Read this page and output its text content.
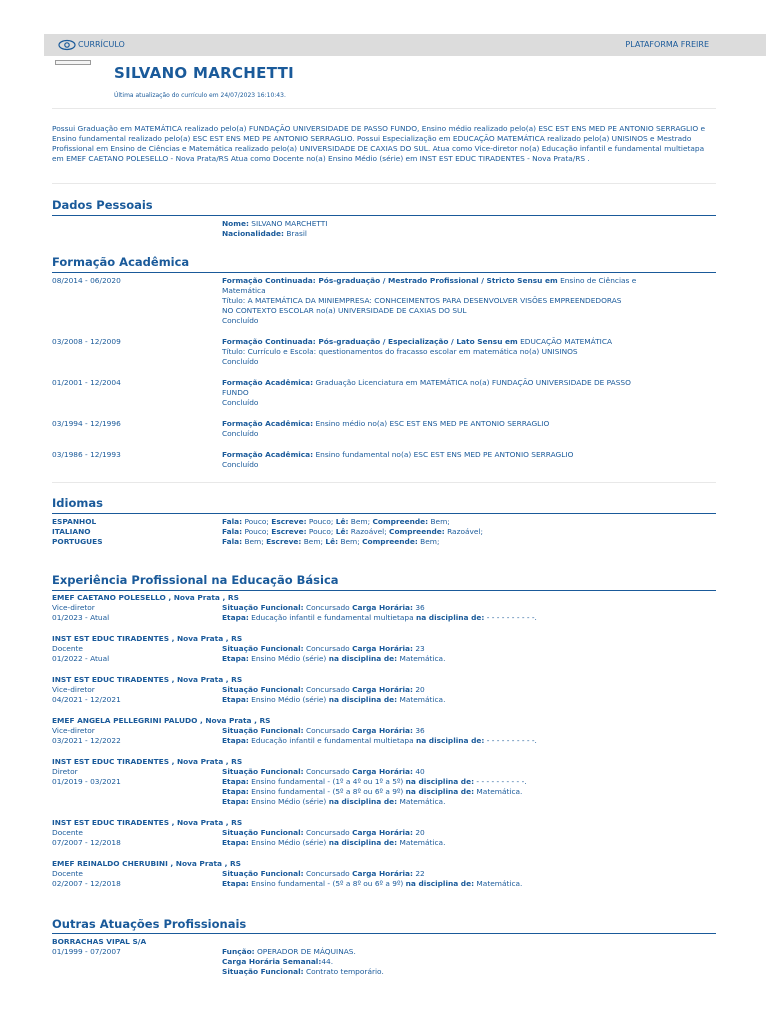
CURRÍCULO	PLATAFORMA FREIRE
SILVANO MARCHETTI
Última atualização do currículo em 24/07/2023 16:10:43.
Possui Graduação em MATEMÁTICA realizado pelo(a) FUNDAÇÃO UNIVERSIDADE DE PASSO FUNDO, Ensino médio realizado pelo(a) ESC EST ENS MED PE ANTONIO SERRAGLIO e Ensino fundamental realizado pelo(a) ESC EST ENS MED PE ANTONIO SERRAGLIO. Possui Especialização em EDUCAÇÃO MATEMÁTICA realizado pelo(a) UNISINOS e Mestrado Profissional em Ensino de Ciências e Matemática realizado pelo(a) UNIVERSIDADE DE CAXIAS DO SUL. Atua como Vice-diretor no(a) Educação infantil e fundamental multietapa em EMEF CAETANO POLESELLO - Nova Prata/RS Atua como Docente no(a) Ensino Médio (série) em INST EST EDUC TIRADENTES - Nova Prata/RS .
Dados Pessoais
Nome: SILVANO MARCHETTI
Nacionalidade: Brasil
Formação Acadêmica
08/2014 - 06/2020	Formação Continuada: Pós-graduação / Mestrado Profissional / Stricto Sensu em Ensino de Ciências e
Matemática
Título: A MATEMÁTICA DA MINIEMPRESA: CONHCEIMENTOS PARA DESENVOLVER VISÕES EMPREENDEDORAS
NO CONTEXTO ESCOLAR no(a) UNIVERSIDADE DE CAXIAS DO SUL
Concluído
03/2008 - 12/2009	Formação Continuada: Pós-graduação / Especialização / Lato Sensu em EDUCAÇÃO MATEMÁTICA
Título: Currículo e Escola: questionamentos do fracasso escolar em matemática no(a) UNISINOS
Concluído
01/2001 - 12/2004	Formação Acadêmica: Graduação Licenciatura em MATEMÁTICA no(a) FUNDAÇÃO UNIVERSIDADE DE PASSO
FUNDO
Concluído
03/1994 - 12/1996	Formação Acadêmica: Ensino médio no(a) ESC EST ENS MED PE ANTONIO SERRAGLIO
Concluído
03/1986 - 12/1993	Formação Acadêmica: Ensino fundamental no(a) ESC EST ENS MED PE ANTONIO SERRAGLIO
Concluído
Idiomas
ESPANHOL	Fala: Pouco; Escreve: Pouco; Lê: Bem; Compreende: Bem;
ITALIANO	Fala: Pouco; Escreve: Pouco; Lê: Razoável; Compreende: Razoável;
PORTUGUES	Fala: Bem; Escreve: Bem; Lê: Bem; Compreende: Bem;
Experiência Profissional na Educação Básica
EMEF CAETANO POLESELLO , Nova Prata , RS
Vice-diretor
01/2023 - Atual
Situação Funcional: Concursado Carga Horária: 36
Etapa: Educação infantil e fundamental multietapa na disciplina de: - - - - - - - - - -.
INST EST EDUC TIRADENTES , Nova Prata , RS
Docente
01/2022 - Atual
Situação Funcional: Concursado Carga Horária: 23
Etapa: Ensino Médio (série) na disciplina de: Matemática.
INST EST EDUC TIRADENTES , Nova Prata , RS
Vice-diretor
04/2021 - 12/2021
Situação Funcional: Concursado Carga Horária: 20
Etapa: Ensino Médio (série) na disciplina de: Matemática.
EMEF ANGELA PELLEGRINI PALUDO , Nova Prata , RS
Vice-diretor
03/2021 - 12/2022
Situação Funcional: Concursado Carga Horária: 36
Etapa: Educação infantil e fundamental multietapa na disciplina de: - - - - - - - - - -.
INST EST EDUC TIRADENTES , Nova Prata , RS
Diretor
01/2019 - 03/2021
Situação Funcional: Concursado Carga Horária: 40
Etapa: Ensino fundamental - (1º a 4º ou 1º a 5º) na disciplina de: - - - - - - - - - -.
Etapa: Ensino fundamental - (5º a 8º ou 6º a 9º) na disciplina de: Matemática.
Etapa: Ensino Médio (série) na disciplina de: Matemática.
INST EST EDUC TIRADENTES , Nova Prata , RS
Docente
07/2007 - 12/2018
Situação Funcional: Concursado Carga Horária: 20
Etapa: Ensino Médio (série) na disciplina de: Matemática.
EMEF REINALDO CHERUBINI , Nova Prata , RS
Docente
02/2007 - 12/2018
Situação Funcional: Concursado Carga Horária: 22
Etapa: Ensino fundamental - (5º a 8º ou 6º a 9º) na disciplina de: Matemática.
Outras Atuações Profissionais
BORRACHAS VIPAL S/A
01/1999 - 07/2007	Função: OPERADOR DE MÁQUINAS.
Carga Horária Semanal:44.
Situação Funcional: Contrato temporário.
